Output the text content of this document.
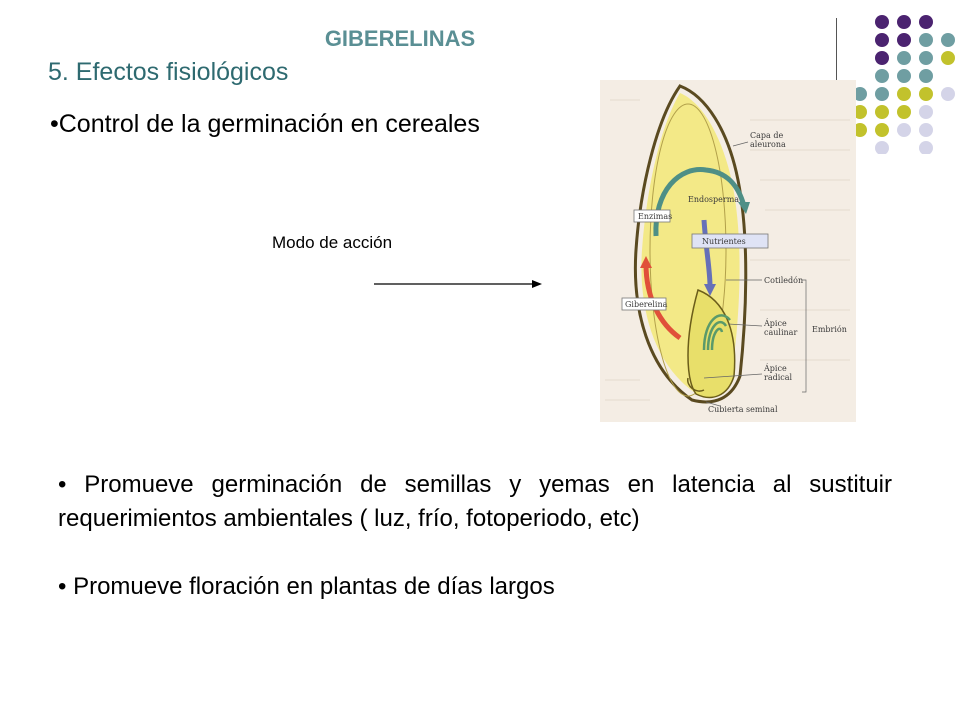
GIBERELINAS
5. Efectos fisiológicos
•Control de la germinación en cereales
Modo de acción
Enzimas
Nutrientes
Giberelina
Endosperma
Capa de
aleurona
Cotiledón
Ápice
caulinar Embrión
Ápice
radical
Cubierta seminal

• Promueve germinación de semillas y yemas en latencia al sustituir requerimientos ambientales ( luz, frío, fotoperiodo, etc)

• Promueve floración en plantas de días largos
